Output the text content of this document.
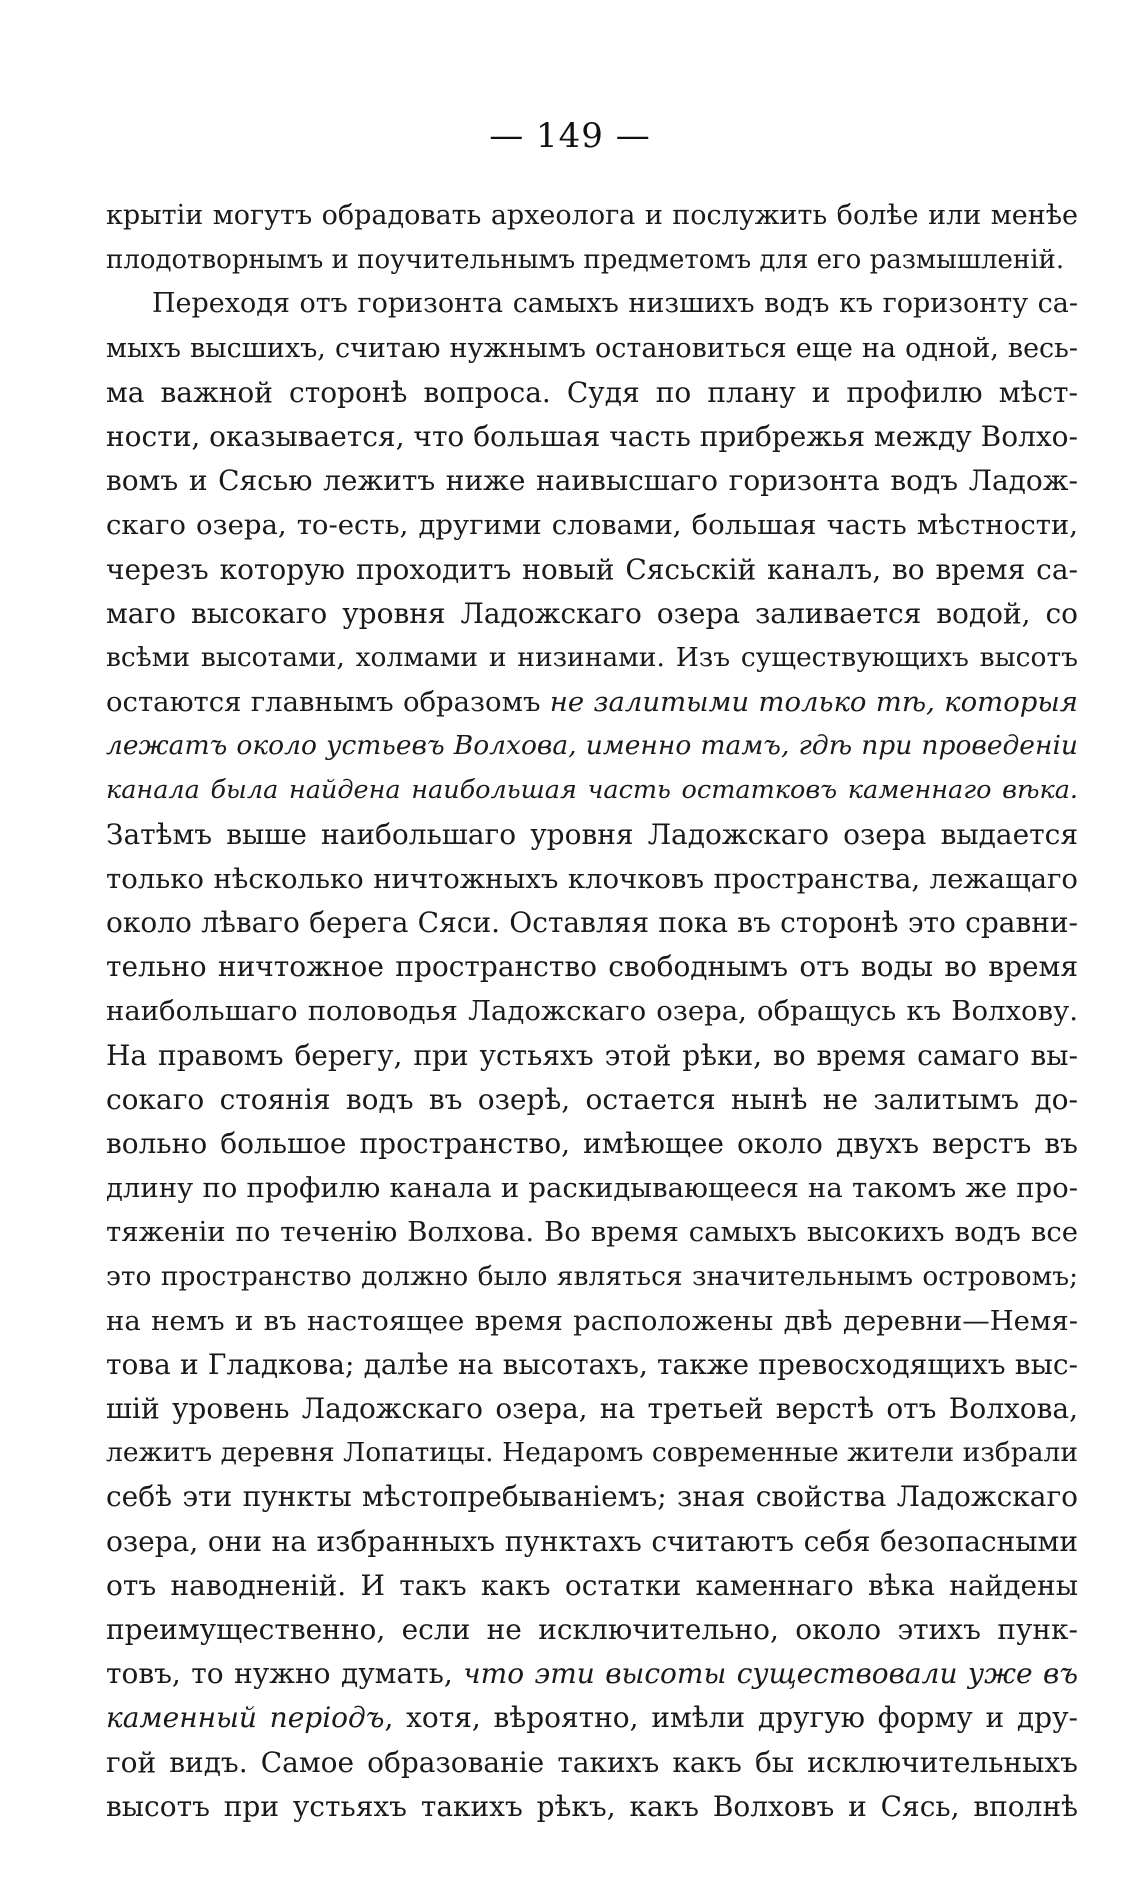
— 149 —
крытіи могутъ обрадовать археолога и послужить болѣе или менѣе
плодотворнымъ и поучительнымъ предметомъ для его размышленій.
Переходя отъ горизонта самыхъ низшихъ водъ къ горизонту са-
мыхъ высшихъ, считаю нужнымъ остановиться еще на одной, весь-
ма важной сторонѣ вопроса. Судя по плану и профилю мѣст-
ности, оказывается, что большая часть прибрежья между Волхо-
вомъ и Сясью лежитъ ниже наивысшаго горизонта водъ Ладож-
скаго озера, то-есть, другими словами, большая часть мѣстности,
черезъ которую проходитъ новый Сясьскій каналъ, во время са-
маго высокаго уровня Ладожскаго озера заливается водой, со
всѣми высотами, холмами и низинами. Изъ существующихъ высотъ
остаются главнымъ образомъ не залитыми только тѣ, которыя
лежатъ около устьевъ Волхова, именно тамъ, гдѣ при проведеніи
канала была найдена наибольшая часть остатковъ каменнаго вѣка.
Затѣмъ выше наибольшаго уровня Ладожскаго озера выдается
только нѣсколько ничтожныхъ клочковъ пространства, лежащаго
около лѣваго берега Сяси. Оставляя пока въ сторонѣ это сравни-
тельно ничтожное пространство свободнымъ отъ воды во время
наибольшаго половодья Ладожскаго озера, обращусь къ Волхову.
На правомъ берегу, при устьяхъ этой рѣки, во время самаго вы-
сокаго стоянія водъ въ озерѣ, остается нынѣ не залитымъ до-
вольно большое пространство, имѣющее около двухъ верстъ въ
длину по профилю канала и раскидывающееся на такомъ же про-
тяженіи по теченію Волхова. Во время самыхъ высокихъ водъ все
это пространство должно было являться значительнымъ островомъ;
на немъ и въ настоящее время расположены двѣ деревни—Немя-
това и Гладкова; далѣе на высотахъ, также превосходящихъ выс-
шій уровень Ладожскаго озера, на третьей верстѣ отъ Волхова,
лежитъ деревня Лопатицы. Недаромъ современные жители избрали
себѣ эти пункты мѣстопребываніемъ; зная свойства Ладожскаго
озера, они на избранныхъ пунктахъ считаютъ себя безопасными
отъ наводненій. И такъ какъ остатки каменнаго вѣка найдены
преимущественно, если не исключительно, около этихъ пунк-
товъ, то нужно думать, что эти высоты существовали уже въ
каменный періодъ, хотя, вѣроятно, имѣли другую форму и дру-
гой видъ. Самое образованіе такихъ какъ бы исключительныхъ
высотъ при устьяхъ такихъ рѣкъ, какъ Волховъ и Сясь, вполнѣ
